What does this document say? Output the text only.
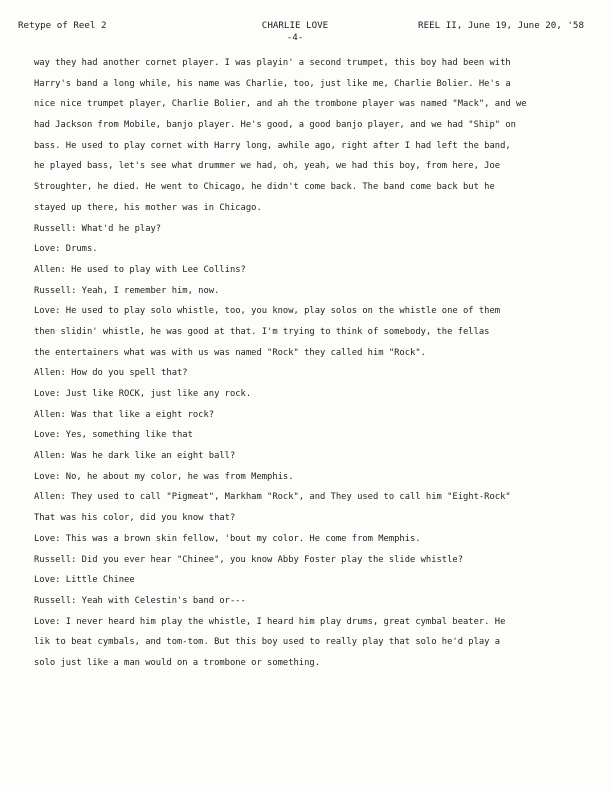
Retype of Reel 2	CHARLIE LOVE
-4-
REEL II, June 19, June 20, '58
way they had another cornet player. I was playin' a second trumpet, this boy had been with
Harry's band a long while, his name was Charlie, too, just like me, Charlie Bolier. He's a
nice nice trumpet player, Charlie Bolier, and ah the trombone player was named "Mack", and we
had Jackson from Mobile, banjo player. He's good, a good banjo player, and we had "Ship" on
bass. He used to play cornet with Harry long, awhile ago, right after I had left the band,
he played bass, let's see what drummer we had, oh, yeah, we had this boy, from here, Joe
Stroughter, he died. He went to Chicago, he didn't come back. The band come back but he
stayed up there, his mother was in Chicago.
Russell: What'd he play?
Love: Drums.
Allen: He used to play with Lee Collins?
Russell: Yeah, I remember him, now.
Love: He used to play solo whistle, too, you know, play solos on the whistle one of them
then slidin' whistle, he was good at that. I'm trying to think of somebody, the fellas
the entertainers what was with us was named "Rock" they called him "Rock".
Allen: How do you spell that?
Love: Just like ROCK, just like any rock.
Allen: Was that like a eight rock?
Love: Yes, something like that
Allen: Was he dark like an eight ball?
Love: No, he about my color, he was from Memphis.
Allen: They used to call "Pigmeat", Markham "Rock", and They used to call him "Eight-Rock"
That was his color, did you know that?
Love: This was a brown skin fellow, 'bout my color. He come from Memphis.
Russell: Did you ever hear "Chinee", you know Abby Foster play the slide whistle?
Love: Little Chinee
Russell: Yeah with Celestin's band or---
Love: I never heard him play the whistle, I heard him play drums, great cymbal beater. He
lik to beat cymbals, and tom-tom. But this boy used to really play that solo he'd play a
solo just like a man would on a trombone or something.
